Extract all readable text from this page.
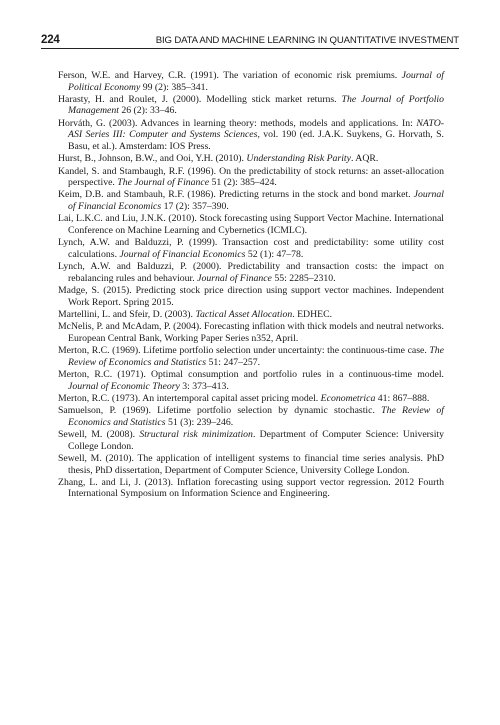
224	BIG DATA AND MACHINE LEARNING IN QUANTITATIVE INVESTMENT

Ferson, W.E. and Harvey, C.R. (1991). The variation of economic risk premiums. Journal of Political Economy 99 (2): 385–341.

Harasty, H. and Roulet, J. (2000). Modelling stick market returns. The Journal of Portfolio Management 26 (2): 33–46.

Horváth, G. (2003). Advances in learning theory: methods, models and applications. In: NATO-ASI Series III: Computer and Systems Sciences, vol. 190 (ed. J.A.K. Suykens, G. Horvath, S. Basu, et al.). Amsterdam: IOS Press.

Hurst, B., Johnson, B.W., and Ooi, Y.H. (2010). Understanding Risk Parity. AQR.

Kandel, S. and Stambaugh, R.F. (1996). On the predictability of stock returns: an asset-allocation perspective. The Journal of Finance 51 (2): 385–424.

Keim, D.B. and Stambauh, R.F. (1986). Predicting returns in the stock and bond market. Journal of Financial Economics 17 (2): 357–390.

Lai, L.K.C. and Liu, J.N.K. (2010). Stock forecasting using Support Vector Machine. International Conference on Machine Learning and Cybernetics (ICMLC).

Lynch, A.W. and Balduzzi, P. (1999). Transaction cost and predictability: some utility cost calculations. Journal of Financial Economics 52 (1): 47–78.

Lynch, A.W. and Balduzzi, P. (2000). Predictability and transaction costs: the impact on rebalancing rules and behaviour. Journal of Finance 55: 2285–2310.

Madge, S. (2015). Predicting stock price direction using support vector machines. Independent Work Report. Spring 2015.

Martellini, L. and Sfeir, D. (2003). Tactical Asset Allocation. EDHEC.

McNelis, P. and McAdam, P. (2004). Forecasting inflation with thick models and neutral networks. European Central Bank, Working Paper Series n352, April.

Merton, R.C. (1969). Lifetime portfolio selection under uncertainty: the continuous-time case. The Review of Economics and Statistics 51: 247–257.

Merton, R.C. (1971). Optimal consumption and portfolio rules in a continuous-time model. Journal of Economic Theory 3: 373–413.

Merton, R.C. (1973). An intertemporal capital asset pricing model. Econometrica 41: 867–888.

Samuelson, P. (1969). Lifetime portfolio selection by dynamic stochastic. The Review of Economics and Statistics 51 (3): 239–246.

Sewell, M. (2008). Structural risk minimization. Department of Computer Science: University College London.

Sewell, M. (2010). The application of intelligent systems to financial time series analysis. PhD thesis, PhD dissertation, Department of Computer Science, University College London.

Zhang, L. and Li, J. (2013). Inflation forecasting using support vector regression. 2012 Fourth International Symposium on Information Science and Engineering.
